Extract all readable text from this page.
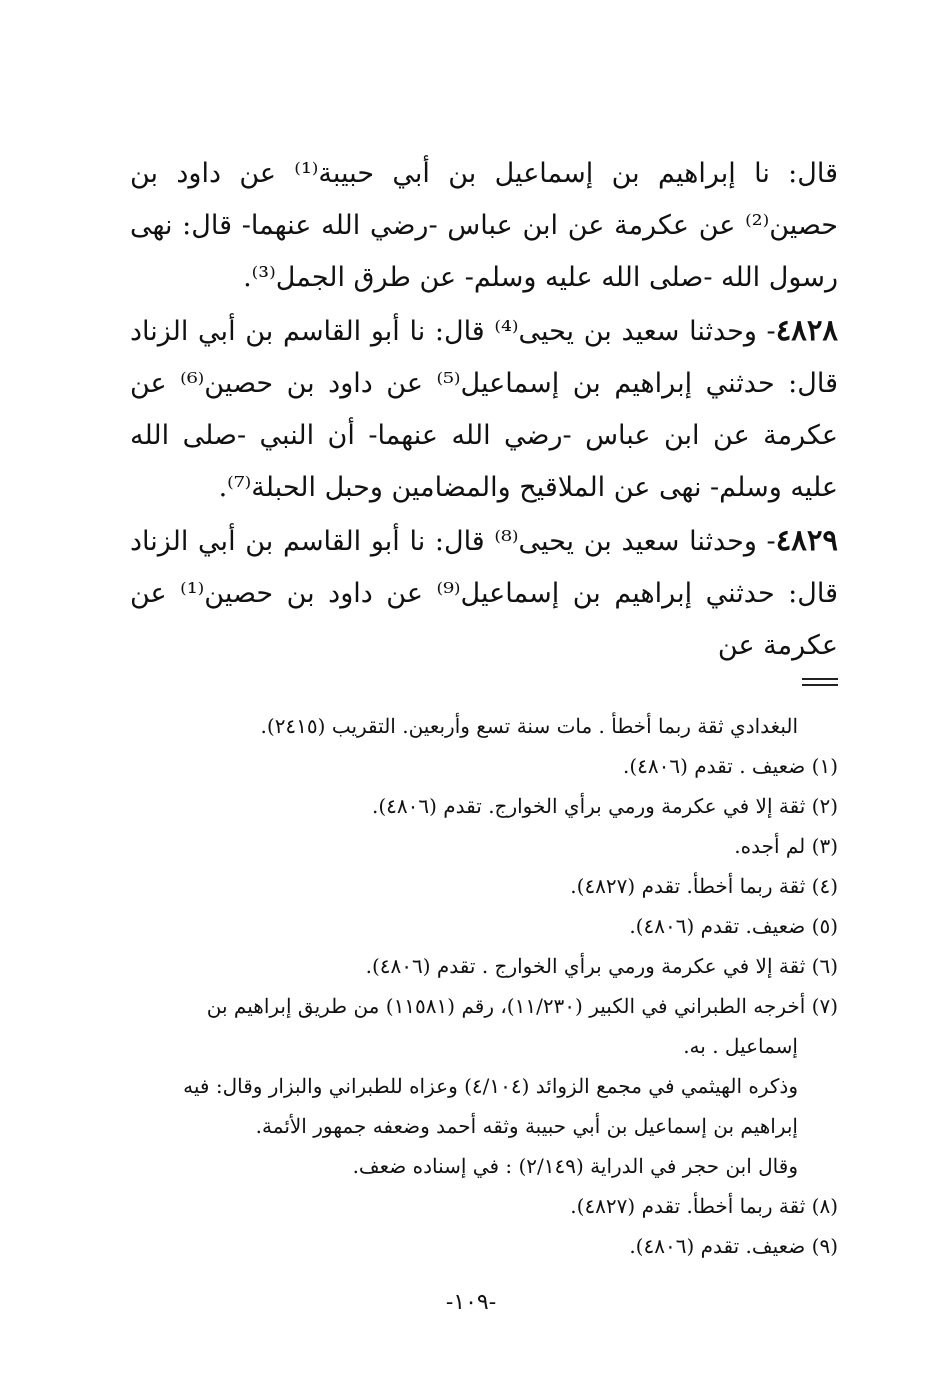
قال: نا إبراهيم بن إسماعيل بن أبي حبيبة⁽¹⁾ عن داود بن حصين⁽²⁾ عن عكرمة عن ابن عباس -رضي الله عنهما- قال: نهى رسول الله -صلى الله عليه وسلم- عن طرق الجمل⁽³⁾.

٤٨٢٨- وحدثنا سعيد بن يحيى⁽⁴⁾ قال: نا أبو القاسم بن أبي الزناد قال: حدثني إبراهيم بن إسماعيل⁽⁵⁾ عن داود بن حصين⁽⁶⁾ عن عكرمة عن ابن عباس -رضي الله عنهما- أن النبي -صلى الله عليه وسلم- نهى عن الملاقيح والمضامين وحبل الحبلة⁽⁷⁾.

٤٨٢٩- وحدثنا سعيد بن يحيى⁽⁸⁾ قال: نا أبو القاسم بن أبي الزناد قال: حدثني إبراهيم بن إسماعيل⁽⁹⁾ عن داود بن حصين⁽¹⁾ عن عكرمة عن

البغدادي ثقة ربما أخطأ . مات سنة تسع وأربعين. التقريب (٢٤١٥).
(١) ضعيف . تقدم (٤٨٠٦).
(٢) ثقة إلا في عكرمة ورمي برأي الخوارج. تقدم (٤٨٠٦).
(٣) لم أجده.
(٤) ثقة ربما أخطأ. تقدم (٤٨٢٧).
(٥) ضعيف. تقدم (٤٨٠٦).
(٦) ثقة إلا في عكرمة ورمي برأي الخوارج . تقدم (٤٨٠٦).
(٧) أخرجه الطبراني في الكبير (١١/٢٣٠)، رقم (١١٥٨١) من طريق إبراهيم بن
إسماعيل . به.
وذكره الهيثمي في مجمع الزوائد (٤/١٠٤) وعزاه للطبراني والبزار وقال: فيه
إبراهيم بن إسماعيل بن أبي حبيبة وثقه أحمد وضعفه جمهور الأئمة.
وقال ابن حجر في الدراية (٢/١٤٩) : في إسناده ضعف.
(٨) ثقة ربما أخطأ. تقدم (٤٨٢٧).
(٩) ضعيف. تقدم (٤٨٠٦).
-١٠٩-
